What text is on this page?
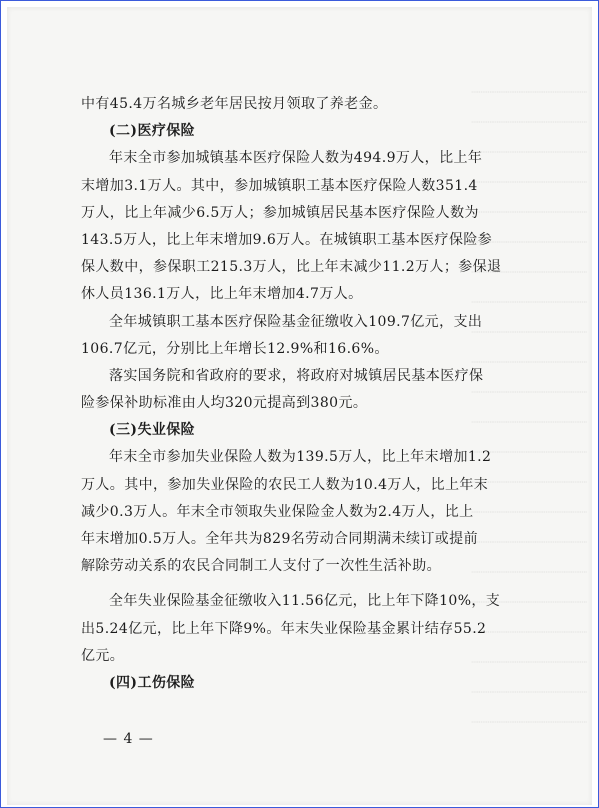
┈┈┈┈┈┈┈┈┈┈┈┈┈┈┈┈
┈┈┈┈┈┈┈┈┈┈┈┈┈┈┈┈
┈┈┈┈┈┈┈┈┈┈┈┈┈┈┈┈
┈┈┈┈┈┈┈┈┈┈┈┈┈┈┈┈
┈┈┈┈┈┈┈┈┈┈┈┈┈┈┈┈
┈┈┈┈┈┈┈┈┈┈┈┈┈┈┈┈
┈┈┈┈┈┈┈┈┈┈┈┈┈┈┈┈
┈┈┈┈┈┈┈┈┈┈┈┈┈┈┈┈
┈┈┈┈┈┈┈┈┈┈┈┈┈┈┈┈
┈┈┈┈┈┈┈┈┈┈┈┈┈┈┈┈
┈┈┈┈┈┈┈┈┈┈┈┈┈┈┈┈
┈┈┈┈┈┈┈┈┈┈┈┈┈┈┈┈
┈┈┈┈┈┈┈┈┈┈┈┈┈┈┈┈
┈┈┈┈┈┈┈┈┈┈┈┈┈┈┈┈
┈┈┈┈┈┈┈┈┈┈┈┈┈┈┈┈
┈┈┈┈┈┈┈┈┈┈┈┈┈┈┈┈
┈┈┈┈┈┈┈┈┈┈┈┈┈┈┈┈
┈┈┈┈┈┈┈┈┈┈┈┈┈┈┈┈
┈┈┈┈┈┈┈┈┈┈┈┈┈┈┈┈
┈┈┈┈┈┈┈┈┈┈┈┈┈┈┈┈
┈┈┈┈┈┈┈┈┈┈┈┈┈┈┈┈
┈┈┈┈┈┈┈┈┈┈┈┈┈┈┈┈
中有45.4万名城乡老年居民按月领取了养老金。
(二)医疗保险
年末全市参加城镇基本医疗保险人数为494.9万人，比上年
末增加3.1万人。其中，参加城镇职工基本医疗保险人数351.4
万人，比上年减少6.5万人；参加城镇居民基本医疗保险人数为
143.5万人，比上年末增加9.6万人。在城镇职工基本医疗保险参
保人数中，参保职工215.3万人，比上年末减少11.2万人；参保退
休人员136.1万人，比上年末增加4.7万人。
全年城镇职工基本医疗保险基金征缴收入109.7亿元，支出
106.7亿元，分别比上年增长12.9%和16.6%。
落实国务院和省政府的要求，将政府对城镇居民基本医疗保
险参保补助标准由人均320元提高到380元。
(三)失业保险
年末全市参加失业保险人数为139.5万人，比上年末增加1.2
万人。其中，参加失业保险的农民工人数为10.4万人，比上年末
减少0.3万人。年末全市领取失业保险金人数为2.4万人，比上
年末增加0.5万人。全年共为829名劳动合同期满未续订或提前
解除劳动关系的农民合同制工人支付了一次性生活补助。
全年失业保险基金征缴收入11.56亿元，比上年下降10%，支
出5.24亿元，比上年下降9%。年末失业保险基金累计结存55.2
亿元。
(四)工伤保险
— 4 —
